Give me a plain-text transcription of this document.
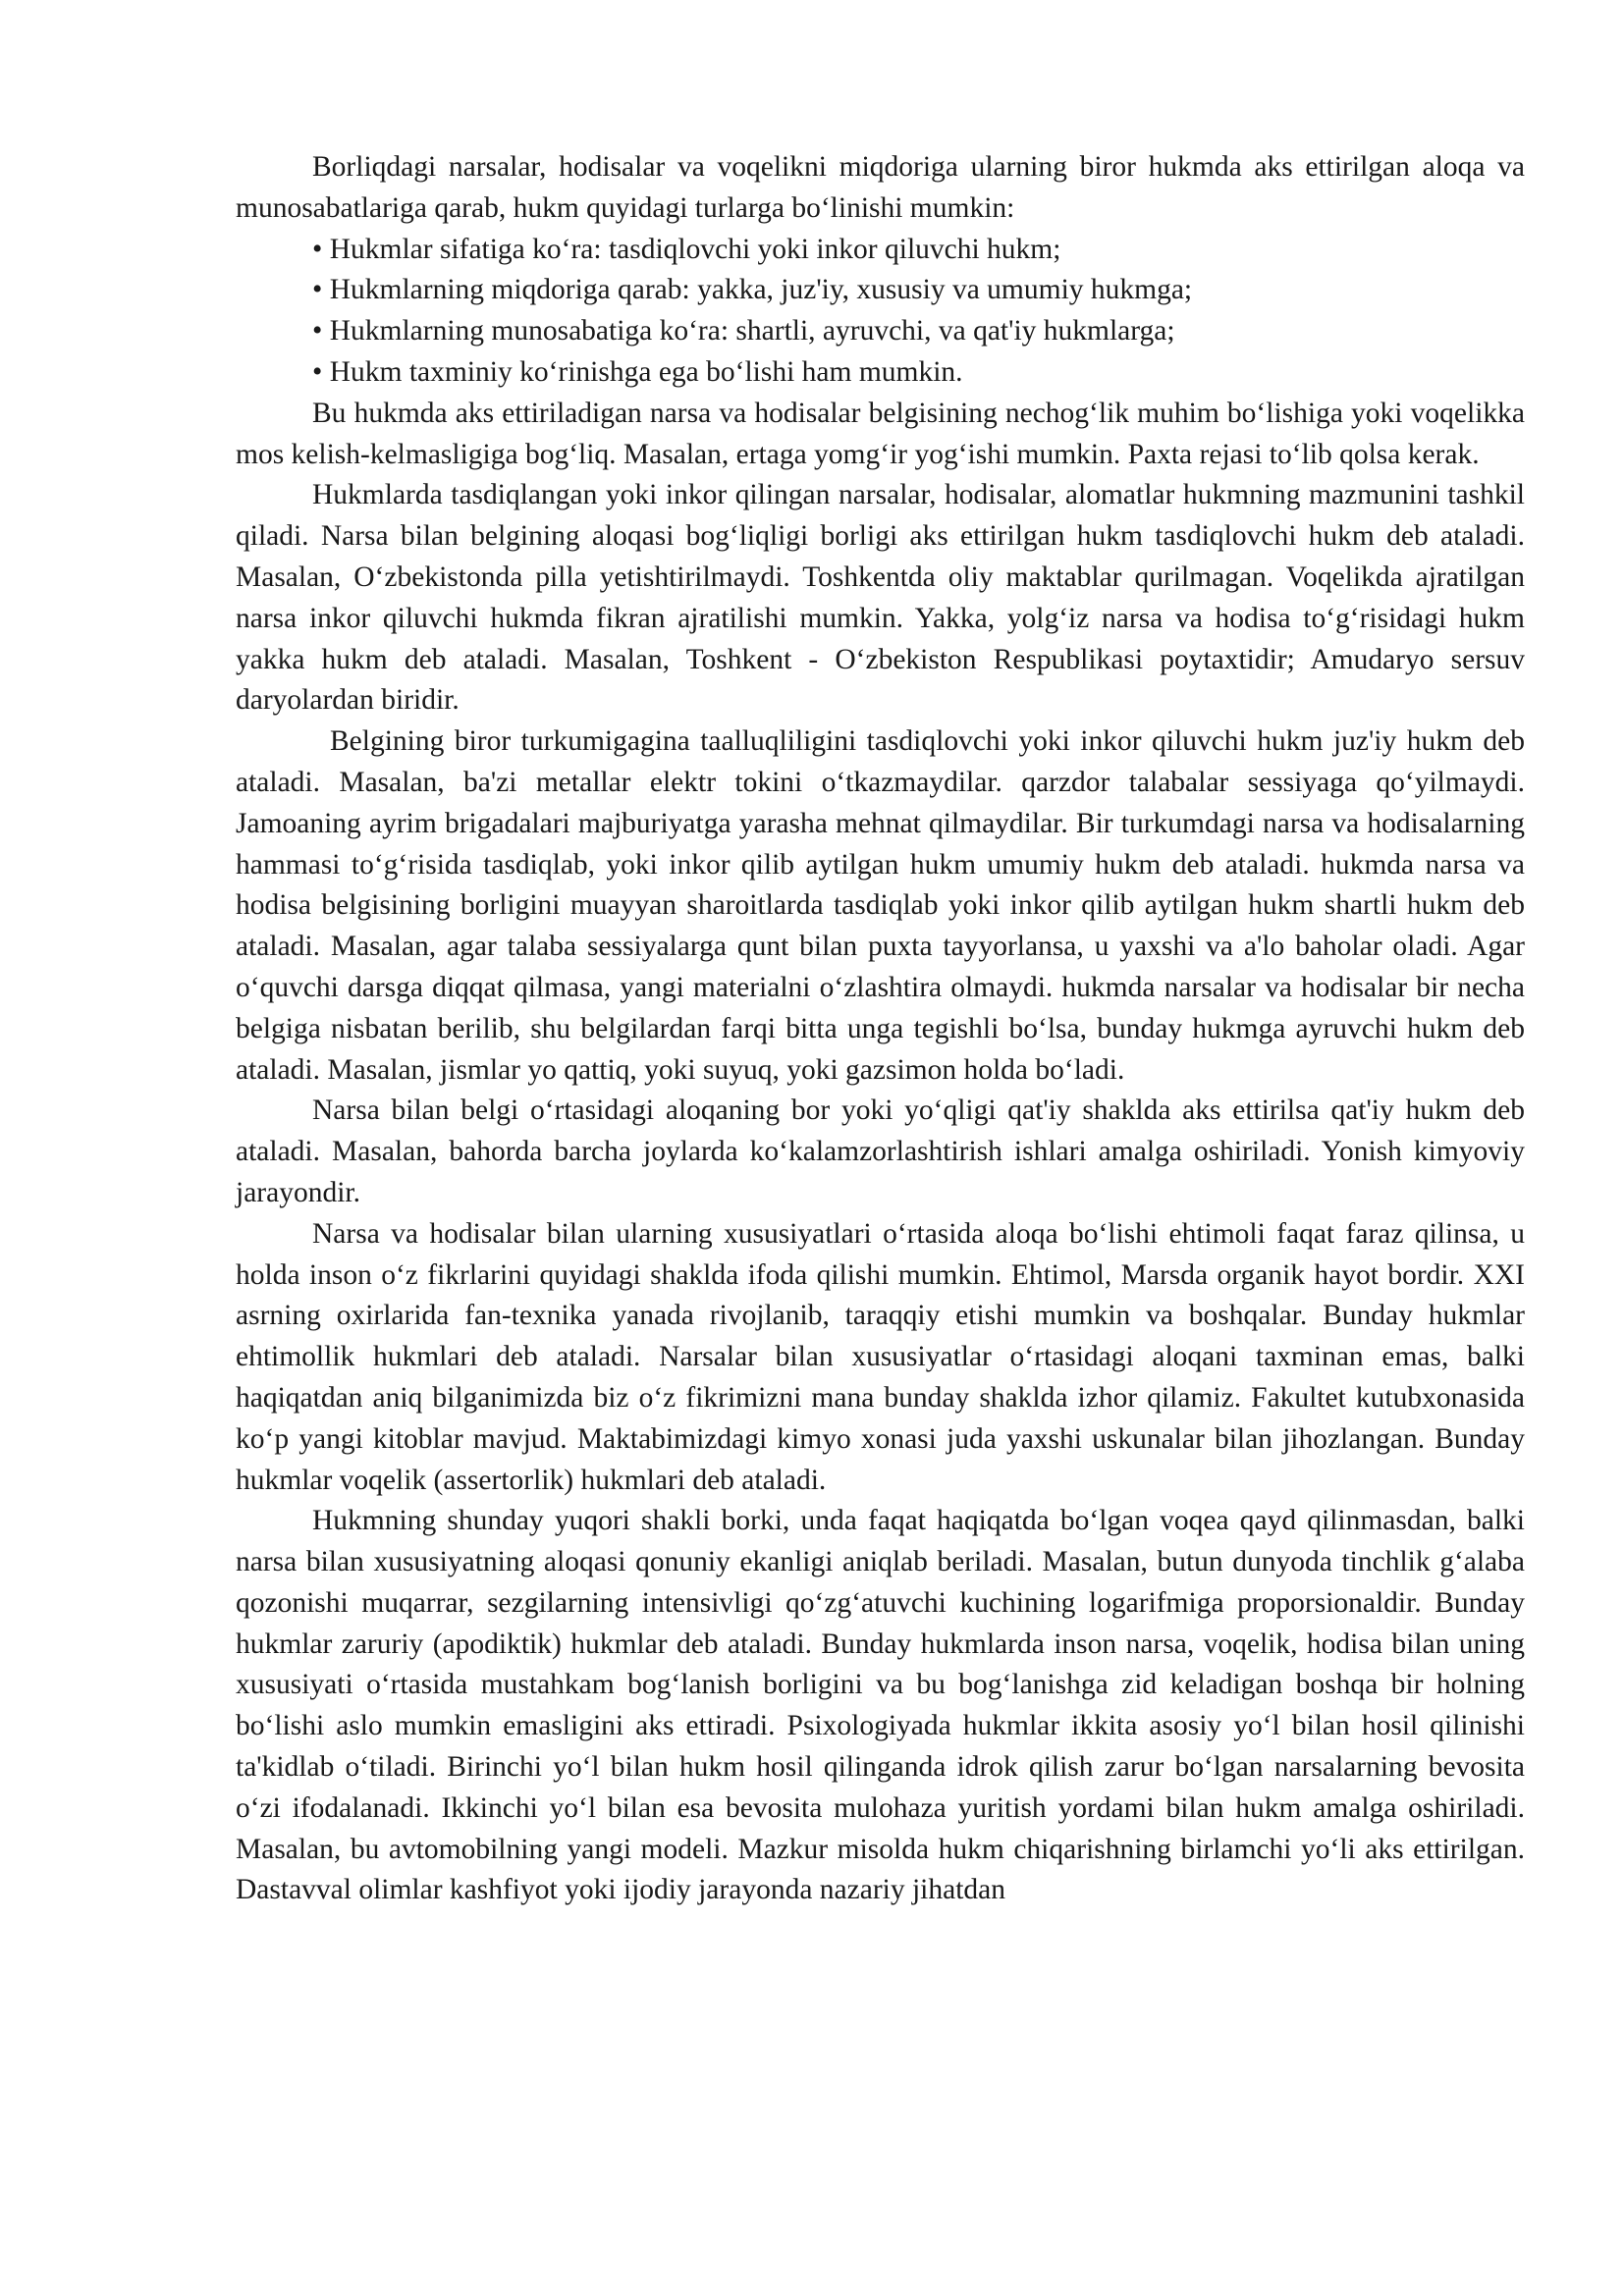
Borliqdagi narsalar, hodisalar va voqelikni miqdoriga ularning biror hukmda aks ettirilgan aloqa va munosabatlariga qarab, hukm quyidagi turlarga bo‘linishi mumkin:

• Hukmlar sifatiga ko‘ra: tasdiqlovchi yoki inkor qiluvchi hukm;

• Hukmlarning miqdoriga qarab: yakka, juz'iy, xususiy va umumiy hukmga;

• Hukmlarning munosabatiga ko‘ra: shartli, ayruvchi, va qat'iy hukmlarga;

• Hukm taxminiy ko‘rinishga ega bo‘lishi ham mumkin.

Bu hukmda aks ettiriladigan narsa va hodisalar belgisining nechog‘lik muhim bo‘lishiga yoki voqelikka mos kelish-kelmasligiga bog‘liq. Masalan, ertaga yomg‘ir yog‘ishi mumkin. Paxta rejasi to‘lib qolsa kerak.

Hukmlarda tasdiqlangan yoki inkor qilingan narsalar, hodisalar, alomatlar hukmning mazmunini tashkil qiladi. Narsa bilan belgining aloqasi bog‘liqligi borligi aks ettirilgan hukm tasdiqlovchi hukm deb ataladi. Masalan, O‘zbekistonda pilla yetishtirilmaydi. Toshkentda oliy maktablar qurilmagan. Voqelikda ajratilgan narsa inkor qiluvchi hukmda fikran ajratilishi mumkin. Yakka, yolg‘iz narsa va hodisa to‘g‘risidagi hukm yakka hukm deb ataladi. Masalan, Toshkent - O‘zbekiston Respublikasi poytaxtidir; Amudaryo sersuv daryolardan biridir.

Belgining biror turkumigagina taalluqliligini tasdiqlovchi yoki inkor qiluvchi hukm juz'iy hukm deb ataladi. Masalan, ba'zi metallar elektr tokini o‘tkazmaydilar. qarzdor talabalar sessiyaga qo‘yilmaydi. Jamoaning ayrim brigadalari majburiyatga yarasha mehnat qilmaydilar. Bir turkumdagi narsa va hodisalarning hammasi to‘g‘risida tasdiqlab, yoki inkor qilib aytilgan hukm umumiy hukm deb ataladi. hukmda narsa va hodisa belgisining borligini muayyan sharoitlarda tasdiqlab yoki inkor qilib aytilgan hukm shartli hukm deb ataladi. Masalan, agar talaba sessiyalarga qunt bilan puxta tayyorlansa, u yaxshi va a'lo baholar oladi. Agar o‘quvchi darsga diqqat qilmasa, yangi materialni o‘zlashtira olmaydi. hukmda narsalar va hodisalar bir necha belgiga nisbatan berilib, shu belgilardan farqi bitta unga tegishli bo‘lsa, bunday hukmga ayruvchi hukm deb ataladi. Masalan, jismlar yo qattiq, yoki suyuq, yoki gazsimon holda bo‘ladi.

Narsa bilan belgi o‘rtasidagi aloqaning bor yoki yo‘qligi qat'iy shaklda aks ettirilsa qat'iy hukm deb ataladi. Masalan, bahorda barcha joylarda ko‘kalamzorlashtirish ishlari amalga oshiriladi. Yonish kimyoviy jarayondir.

Narsa va hodisalar bilan ularning xususiyatlari o‘rtasida aloqa bo‘lishi ehtimoli faqat faraz qilinsa, u holda inson o‘z fikrlarini quyidagi shaklda ifoda qilishi mumkin. Ehtimol, Marsda organik hayot bordir. XXI asrning oxirlarida fan-texnika yanada rivojlanib, taraqqiy etishi mumkin va boshqalar. Bunday hukmlar ehtimollik hukmlari deb ataladi. Narsalar bilan xususiyatlar o‘rtasidagi aloqani taxminan emas, balki haqiqatdan aniq bilganimizda biz o‘z fikrimizni mana bunday shaklda izhor qilamiz. Fakultet kutubxonasida ko‘p yangi kitoblar mavjud. Maktabimizdagi kimyo xonasi juda yaxshi uskunalar bilan jihozlangan. Bunday hukmlar voqelik (assertorlik) hukmlari deb ataladi.

Hukmning shunday yuqori shakli borki, unda faqat haqiqatda bo‘lgan voqea qayd qilinmasdan, balki narsa bilan xususiyatning aloqasi qonuniy ekanligi aniqlab beriladi. Masalan, butun dunyoda tinchlik g‘alaba qozonishi muqarrar, sezgilarning intensivligi qo‘zg‘atuvchi kuchining logarifmiga proporsionaldir. Bunday hukmlar zaruriy (apodiktik) hukmlar deb ataladi. Bunday hukmlarda inson narsa, voqelik, hodisa bilan uning xususiyati o‘rtasida mustahkam bog‘lanish borligini va bu bog‘lanishga zid keladigan boshqa bir holning bo‘lishi aslo mumkin emasligini aks ettiradi. Psixologiyada hukmlar ikkita asosiy yo‘l bilan hosil qilinishi ta'kidlab o‘tiladi. Birinchi yo‘l bilan hukm hosil qilinganda idrok qilish zarur bo‘lgan narsalarning bevosita o‘zi ifodalanadi. Ikkinchi yo‘l bilan esa bevosita mulohaza yuritish yordami bilan hukm amalga oshiriladi. Masalan, bu avtomobilning yangi modeli. Mazkur misolda hukm chiqarishning birlamchi yo‘li aks ettirilgan. Dastavval olimlar kashfiyot yoki ijodiy jarayonda nazariy jihatdan
